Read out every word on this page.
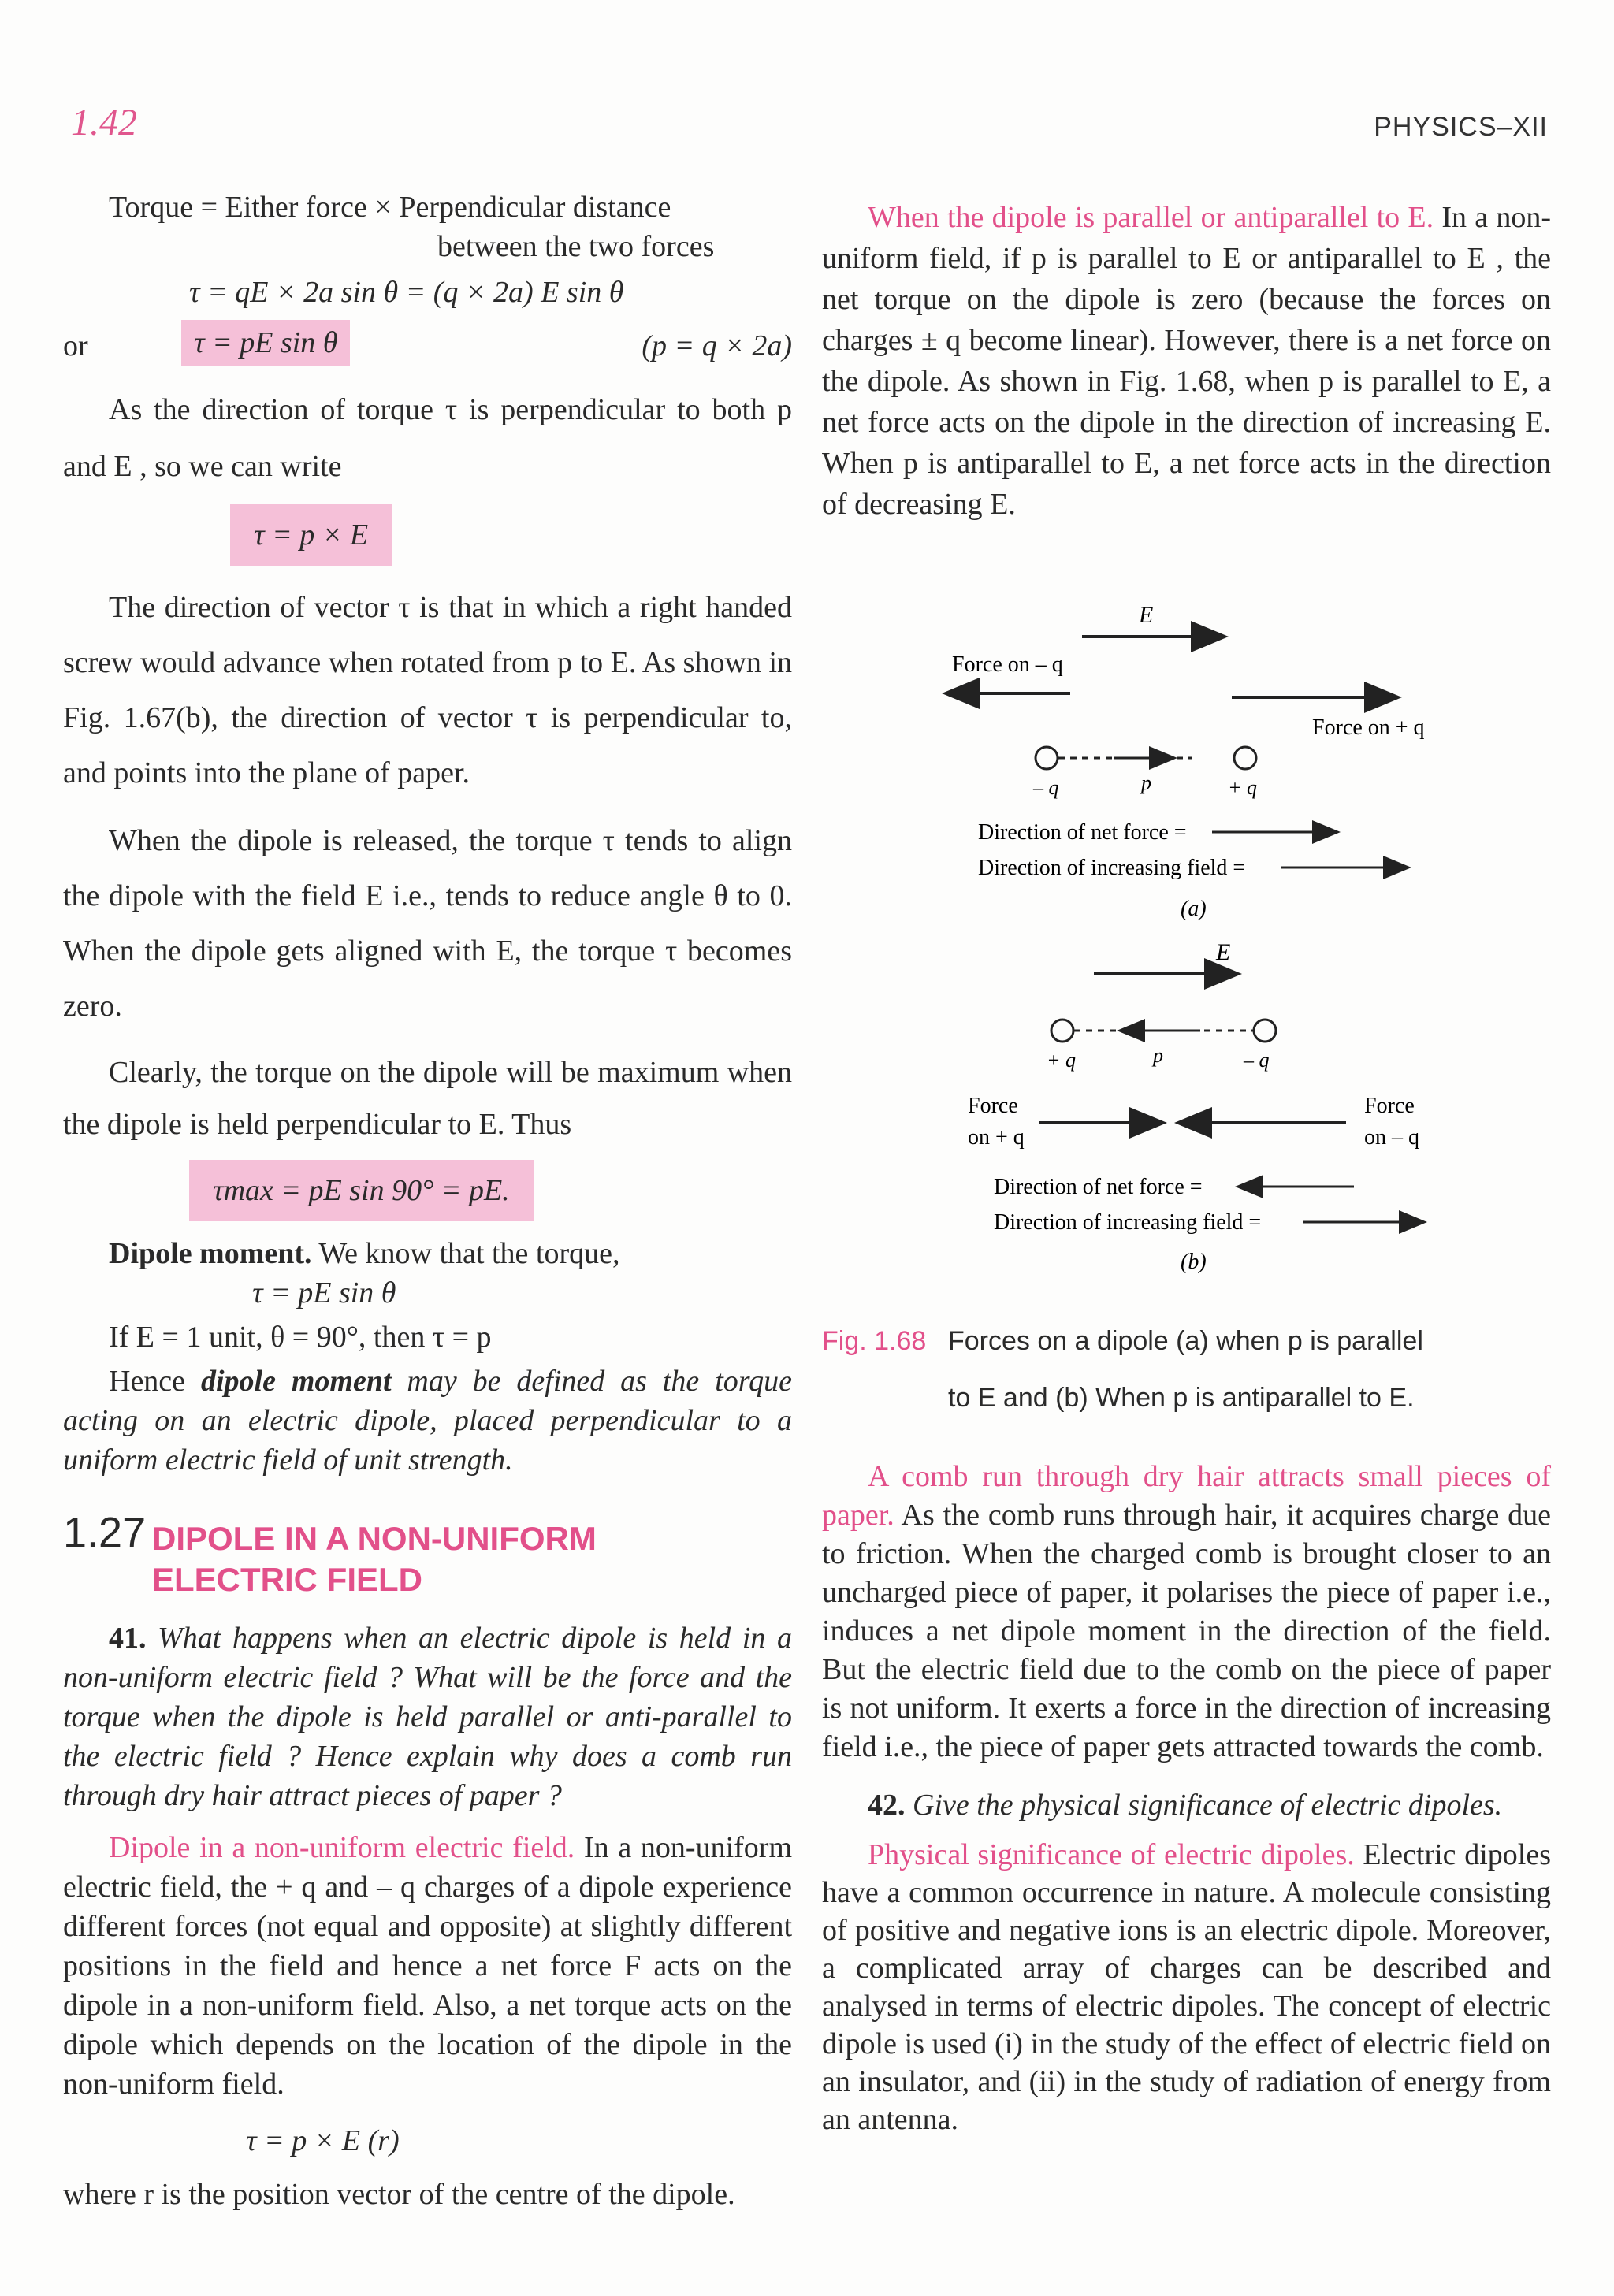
1.42	PHYSICS–XII
Torque = Either force × Perpendicular distance
between the two forces
τ = qE × 2a sin θ = (q × 2a) E sin θ
or	τ = pE sin θ	(p = q × 2a)

As the direction of torque τ is perpendicular to both p and E , so we can write

τ = p × E

The direction of vector τ is that in which a right handed screw would advance when rotated from p to E. As shown in Fig. 1.67(b), the direction of vector τ is perpendicular to, and points into the plane of paper.

When the dipole is released, the torque τ tends to align the dipole with the field E i.e., tends to reduce angle θ to 0. When the dipole gets aligned with E, the torque τ becomes zero.

Clearly, the torque on the dipole will be maximum when the dipole is held perpendicular to E. Thus

τmax = pE sin 90° = pE.

Dipole moment. We know that the torque,

τ = pE sin θ
If E = 1 unit, θ = 90°, then τ = p

Hence dipole moment may be defined as the torque acting on an electric dipole, placed perpendicular to a uniform electric field of unit strength.

1.27 DIPOLE IN A NON-UNIFORM
ELECTRIC FIELD

41. What happens when an electric dipole is held in a non-uniform electric field ? What will be the force and the torque when the dipole is held parallel or anti-parallel to the electric field ? Hence explain why does a comb run through dry hair attract pieces of paper ?

Dipole in a non-uniform electric field. In a non-uniform electric field, the + q and – q charges of a dipole experience different forces (not equal and opposite) at slightly different positions in the field and hence a net force F acts on the dipole in a non-uniform field. Also, a net torque acts on the dipole which depends on the location of the dipole in the non-uniform field.

τ = p × E (r)

where r is the position vector of the centre of the dipole.

When the dipole is parallel or antiparallel to E. In a non-uniform field, if p is parallel to E or antiparallel to E , the net torque on the dipole is zero (because the forces on charges ± q become linear). However, there is a net force on the dipole. As shown in Fig. 1.68, when p is parallel to E, a net force acts on the dipole in the direction of increasing E. When p is antiparallel to E, a net force acts in the direction of decreasing E.

E
Force on – q
Force on + q
– q	p	+ q
Direction of net force =
Direction of increasing field =
(a)
E
+ q	p	– q
Force
on + q
Force
on – q
Direction of net force =
Direction of increasing field =
(b)
Fig. 1.68 Forces on a dipole (a) when p is parallel
to E and (b) When p is antiparallel to E.

A comb run through dry hair attracts small pieces of paper. As the comb runs through hair, it acquires charge due to friction. When the charged comb is brought closer to an uncharged piece of paper, it polarises the piece of paper i.e., induces a net dipole moment in the direction of the field. But the electric field due to the comb on the piece of paper is not uniform. It exerts a force in the direction of increasing field i.e., the piece of paper gets attracted towards the comb.

42. Give the physical significance of electric dipoles.

Physical significance of electric dipoles. Electric dipoles have a common occurrence in nature. A molecule consisting of positive and negative ions is an electric dipole. Moreover, a complicated array of charges can be described and analysed in terms of electric dipoles. The concept of electric dipole is used (i) in the study of the effect of electric field on an insulator, and (ii) in the study of radiation of energy from an antenna.
